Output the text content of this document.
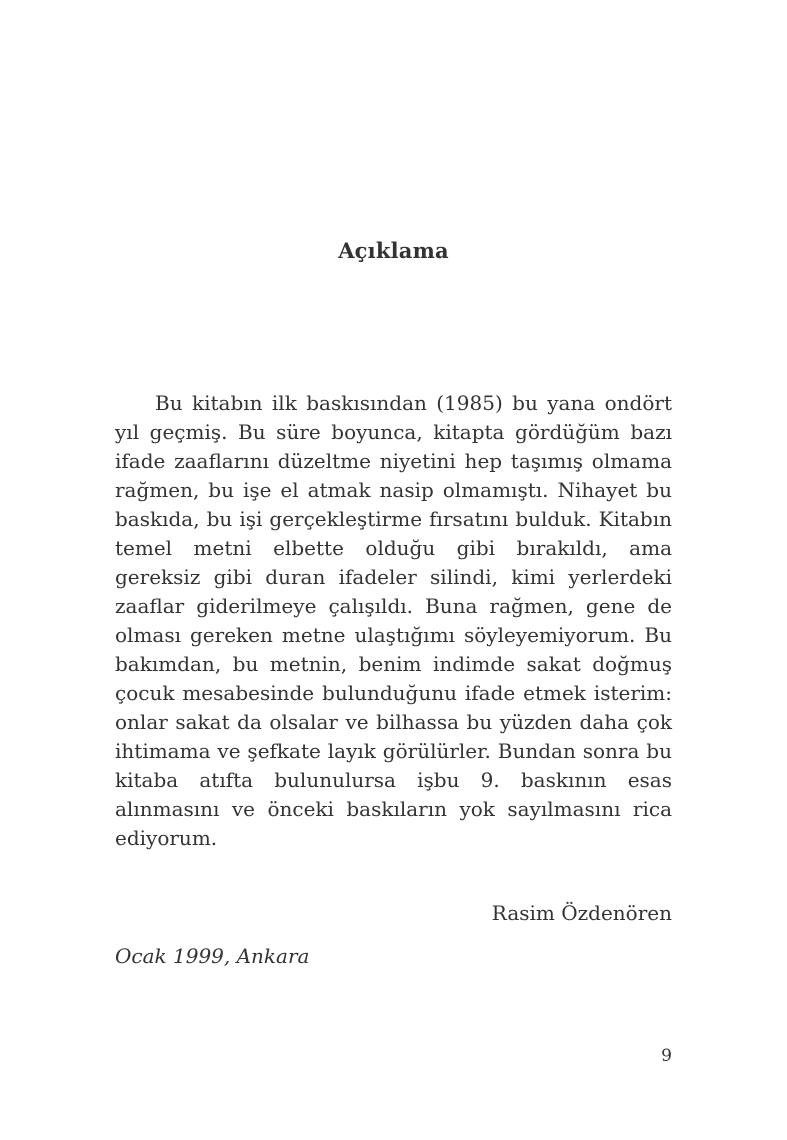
Açıklama

Bu kitabın ilk baskısından (1985) bu yana ondört yıl geçmiş. Bu süre boyunca, kitapta gördüğüm bazı ifade zaaflarını düzeltme niyetini hep taşımış olmama rağmen, bu işe el atmak nasip olmamıştı. Nihayet bu baskıda, bu işi gerçekleştirme fırsatını bulduk. Kitabın temel metni elbette olduğu gibi bırakıldı, ama gereksiz gibi duran ifadeler silindi, kimi yerlerdeki zaaflar giderilmeye çalışıldı. Buna rağmen, gene de olması gereken metne ulaştığımı söyleyemiyorum. Bu bakımdan, bu metnin, benim indimde sakat doğmuş çocuk mesabesinde bulunduğunu ifade etmek isterim: onlar sakat da olsalar ve bilhassa bu yüzden daha çok ihtimama ve şefkate layık görülürler. Bundan sonra bu kitaba atıfta bulunulursa işbu 9. baskının esas alınmasını ve önceki baskıların yok sayılmasını rica ediyorum.

Rasim Özdenören
Ocak 1999, Ankara
9
